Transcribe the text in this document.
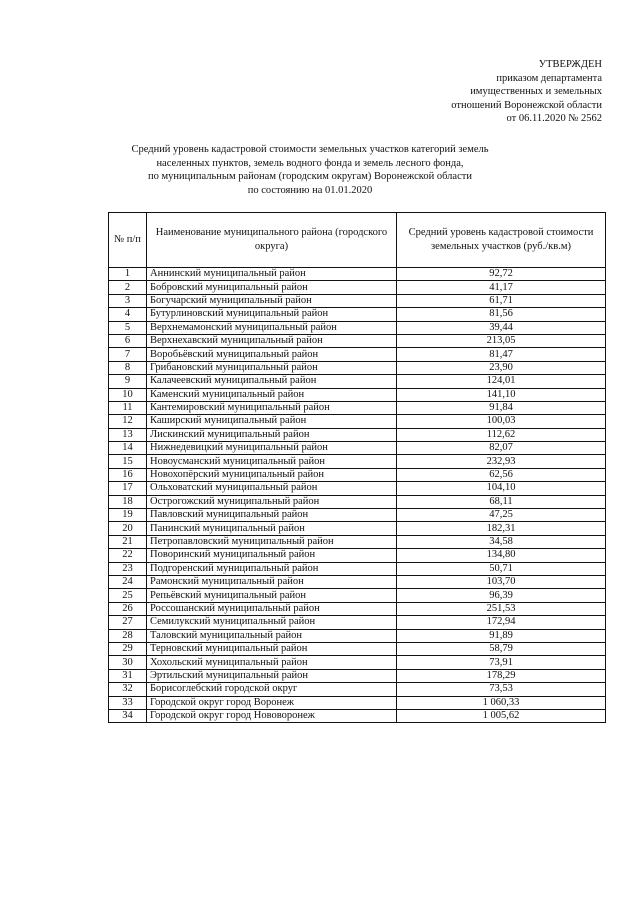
УТВЕРЖДЕН
приказом департамента
имущественных и земельных
отношений Воронежской области
от 06.11.2020 № 2562
Средний уровень кадастровой стоимости земельных участков категорий земель
населенных пунктов, земель водного фонда и земель лесного фонда,
по муниципальным районам (городским округам) Воронежской области
по состоянию на 01.01.2020
№ п/п	Наименование муниципального района (городского округа)	Средний уровень кадастровой стоимости земельных участков (руб./кв.м)
1	Аннинский муниципальный район	92,72
2	Бобровский муниципальный район	41,17
3	Богучарский муниципальный район	61,71
4	Бутурлиновский муниципальный район	81,56
5	Верхнемамонский муниципальный район	39,44
6	Верхнехавский муниципальный район	213,05
7	Воробьёвский муниципальный район	81,47
8	Грибановский муниципальный район	23,90
9	Калачеевский муниципальный район	124,01
10	Каменский муниципальный район	141,10
11	Кантемировский муниципальный район	91,84
12	Каширский муниципальный район	100,03
13	Лискинский муниципальный район	112,62
14	Нижнедевицкий муниципальный район	82,07
15	Новоусманский муниципальный район	232,93
16	Новохопёрский муниципальный район	62,56
17	Ольховатский муниципальный район	104,10
18	Острогожский муниципальный район	68,11
19	Павловский муниципальный район	47,25
20	Панинский муниципальный район	182,31
21	Петропавловский муниципальный район	34,58
22	Поворинский муниципальный район	134,80
23	Подгоренский муниципальный район	50,71
24	Рамонский муниципальный район	103,70
25	Репьёвский муниципальный район	96,39
26	Россошанский муниципальный район	251,53
27	Семилукский муниципальный район	172,94
28	Таловский муниципальный район	91,89
29	Терновский муниципальный район	58,79
30	Хохольский муниципальный район	73,91
31	Эртильский муниципальный район	178,29
32	Борисоглебский городской округ	73,53
33	Городской округ город Воронеж	1 060,33
34	Городской округ город Нововоронеж	1 005,62
